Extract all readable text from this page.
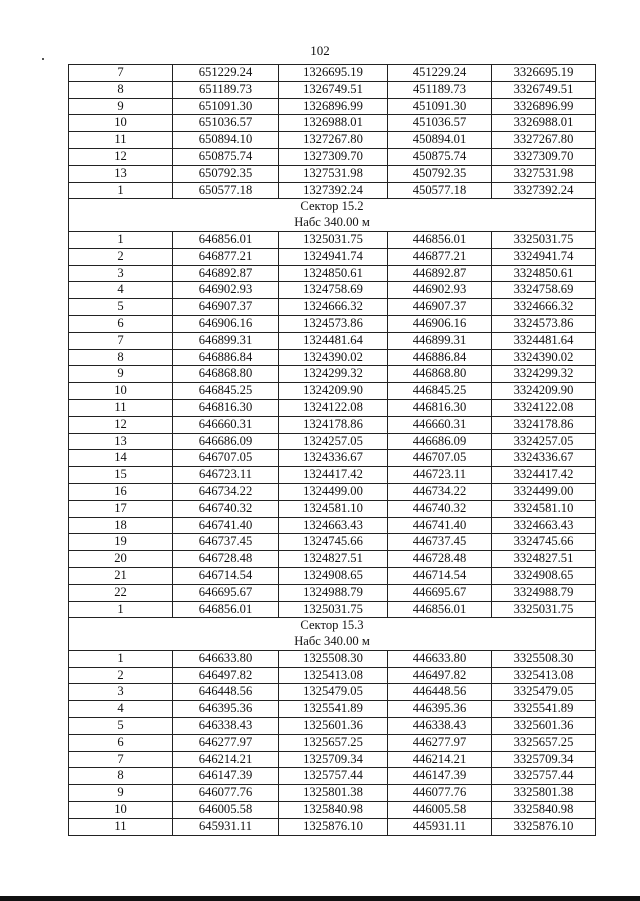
102
7	651229.24	1326695.19	451229.24	3326695.19
8	651189.73	1326749.51	451189.73	3326749.51
9	651091.30	1326896.99	451091.30	3326896.99
10	651036.57	1326988.01	451036.57	3326988.01
11	650894.10	1327267.80	450894.01	3327267.80
12	650875.74	1327309.70	450875.74	3327309.70
13	650792.35	1327531.98	450792.35	3327531.98
1	650577.18	1327392.24	450577.18	3327392.24
Сектор 15.2				
Набс 340.00 м				
1	646856.01	1325031.75	446856.01	3325031.75
2	646877.21	1324941.74	446877.21	3324941.74
3	646892.87	1324850.61	446892.87	3324850.61
4	646902.93	1324758.69	446902.93	3324758.69
5	646907.37	1324666.32	446907.37	3324666.32
6	646906.16	1324573.86	446906.16	3324573.86
7	646899.31	1324481.64	446899.31	3324481.64
8	646886.84	1324390.02	446886.84	3324390.02
9	646868.80	1324299.32	446868.80	3324299.32
10	646845.25	1324209.90	446845.25	3324209.90
11	646816.30	1324122.08	446816.30	3324122.08
12	646660.31	1324178.86	446660.31	3324178.86
13	646686.09	1324257.05	446686.09	3324257.05
14	646707.05	1324336.67	446707.05	3324336.67
15	646723.11	1324417.42	446723.11	3324417.42
16	646734.22	1324499.00	446734.22	3324499.00
17	646740.32	1324581.10	446740.32	3324581.10
18	646741.40	1324663.43	446741.40	3324663.43
19	646737.45	1324745.66	446737.45	3324745.66
20	646728.48	1324827.51	446728.48	3324827.51
21	646714.54	1324908.65	446714.54	3324908.65
22	646695.67	1324988.79	446695.67	3324988.79
1	646856.01	1325031.75	446856.01	3325031.75
Сектор 15.3				
Набс 340.00 м				
1	646633.80	1325508.30	446633.80	3325508.30
2	646497.82	1325413.08	446497.82	3325413.08
3	646448.56	1325479.05	446448.56	3325479.05
4	646395.36	1325541.89	446395.36	3325541.89
5	646338.43	1325601.36	446338.43	3325601.36
6	646277.97	1325657.25	446277.97	3325657.25
7	646214.21	1325709.34	446214.21	3325709.34
8	646147.39	1325757.44	446147.39	3325757.44
9	646077.76	1325801.38	446077.76	3325801.38
10	646005.58	1325840.98	446005.58	3325840.98
11	645931.11	1325876.10	445931.11	3325876.10
